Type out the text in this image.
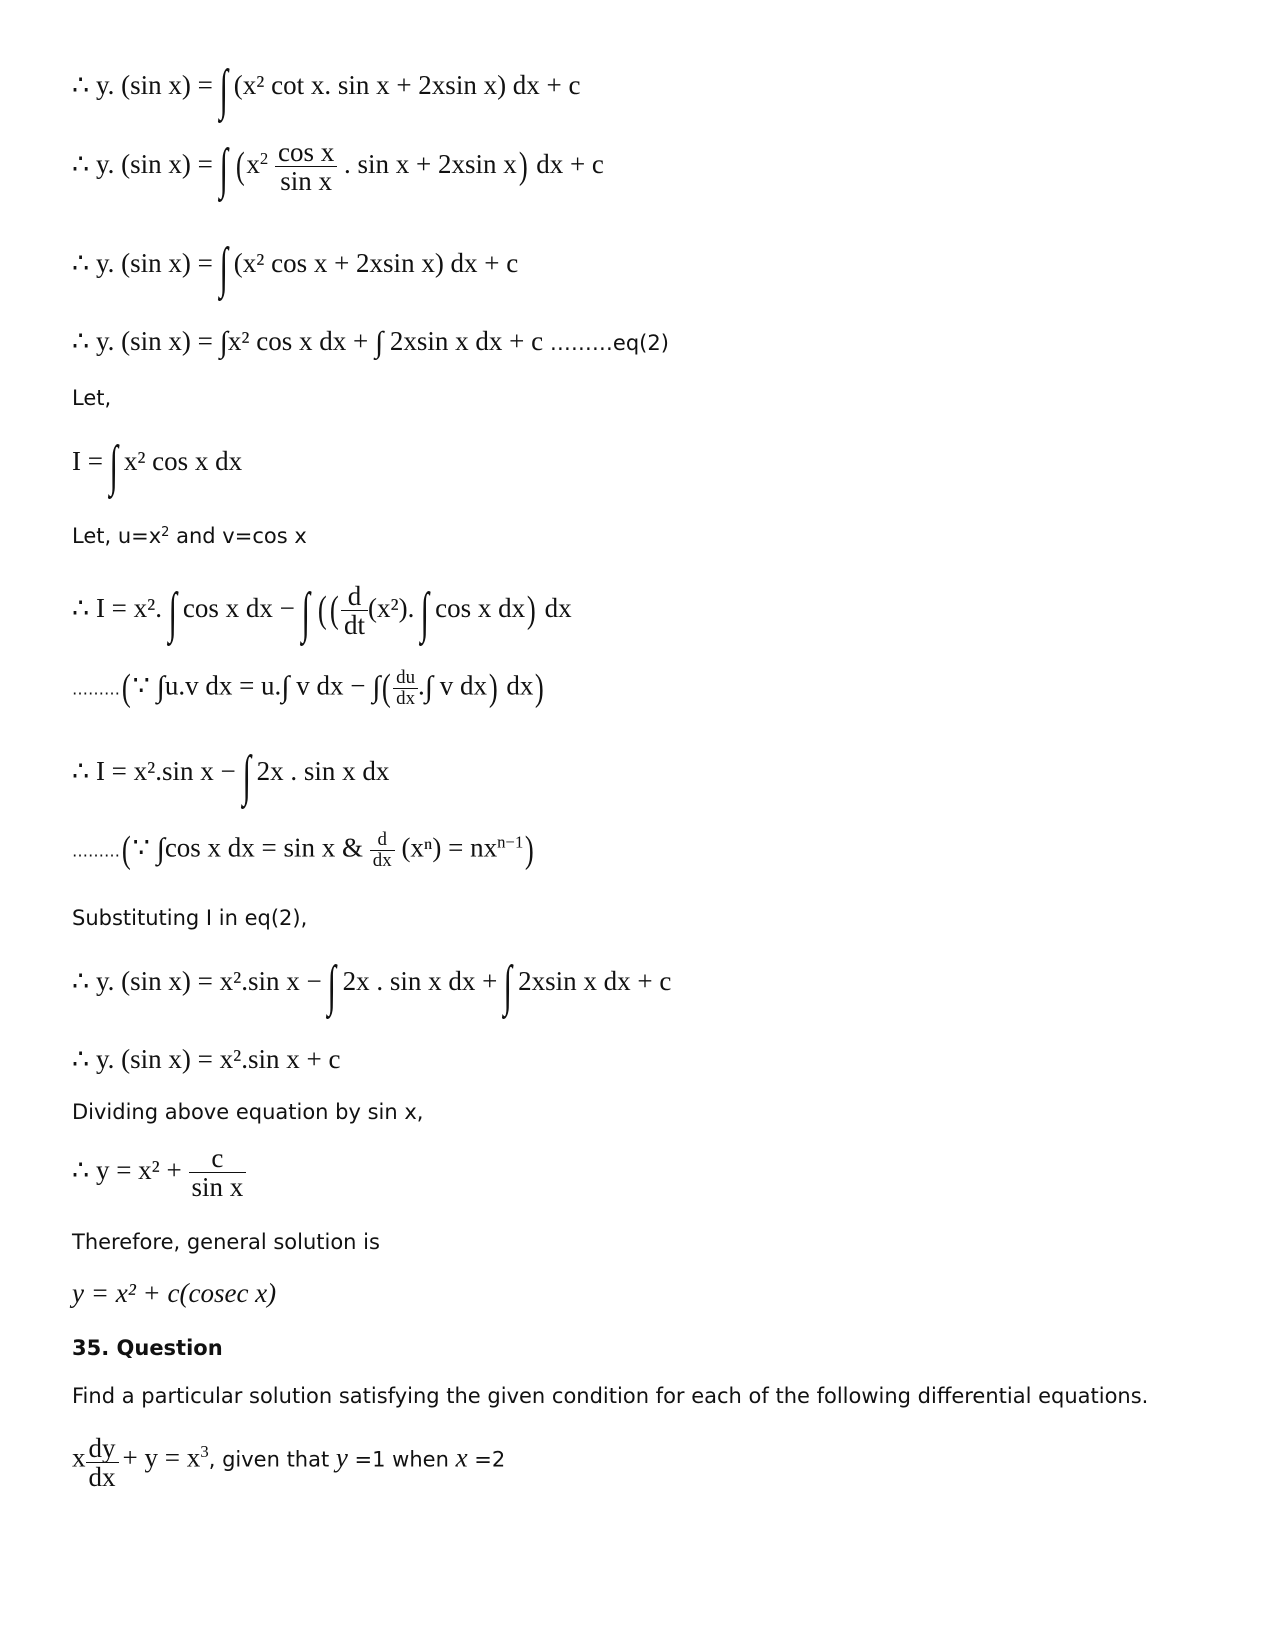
∴ y. (sin x) = ∫ (x² cot x. sin x + 2xsin x) dx + c
∴ y. (sin x) = ∫ ($x^2 \frac{\text{cos x}}{\text{sin x}}$ . sin x + 2xsin x) dx + c
∴ y. (sin x) = ∫ (x² cos x + 2xsin x) dx + c
∴ y. (sin x) = ∫x² cos x dx + ∫ 2xsin x dx + c ………eq(2)
Let,
I = ∫ x² cos x dx
Let, $u=x^2$ and v=cos x
∴ I = x². ∫ cos x dx − ∫ (( $\frac{d}{dt} (x^2)$. ∫ cos x dx) dx
………(∵ ∫u.v dx = u.∫ v dx − ∫( $\frac{du}{dx}$ .∫ v dx) dx)
∴ I = x².sin x − ∫ 2x . sin x dx
………(∵ ∫cos x dx = sin x & $\frac{d}{dx} (x^n) = nx^{n-1}$)
Substituting I in eq(2),
∴ y. (sin x) = x².sin x − ∫ 2x . sin x dx + ∫ 2xsin x dx + c
∴ y. (sin x) = x².sin x + c
Dividing above equation by sin x,
∴ $y = x^2 + \frac{c}{\text{sin x}}$
Therefore, general solution is
y = x² + c(cosec x)
35. Question
Find a particular solution satisfying the given condition for each of the following differential equations.
x $\frac{dy}{dx} + y = x^3$, given that y =1 when x =2
